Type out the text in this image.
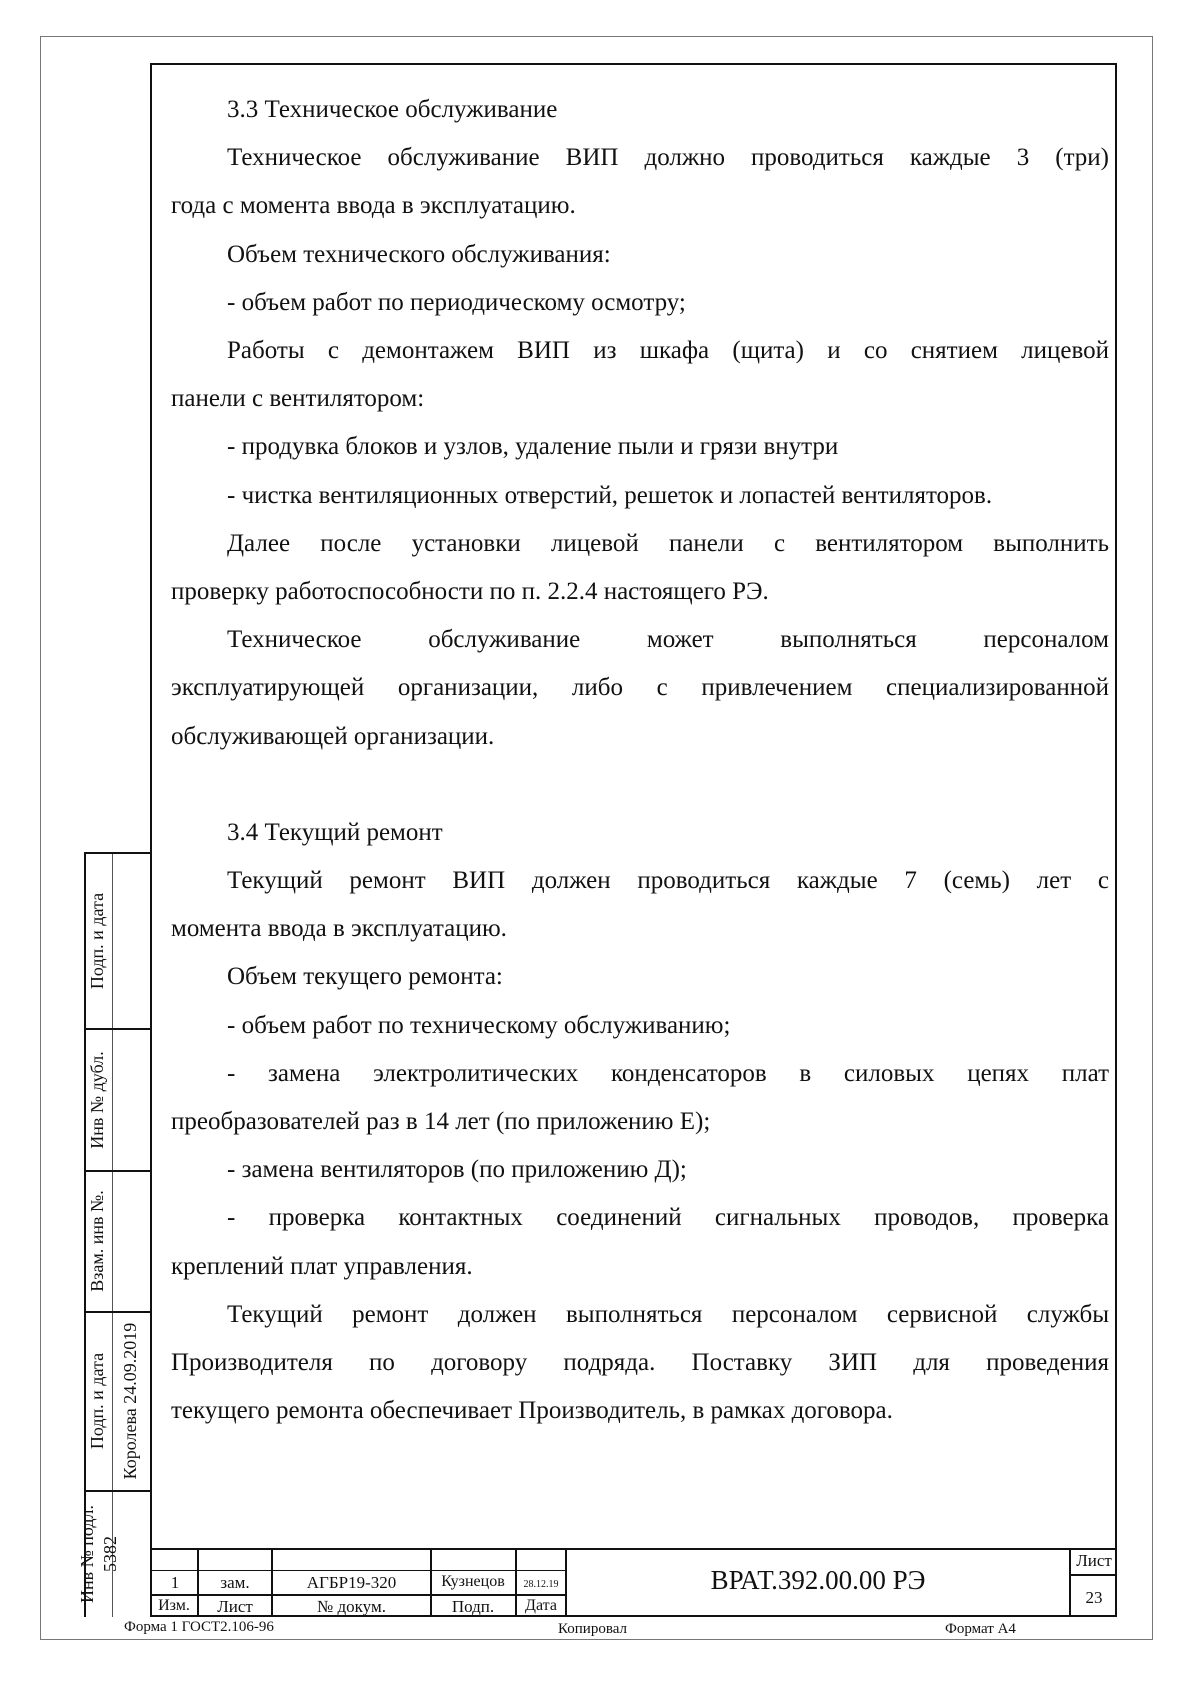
3.3 Техническое обслуживание

Техническое обслуживание ВИП должно проводиться каждые 3 (три)

года с момента ввода в эксплуатацию.

Объем технического обслуживания:

- объем работ по периодическому осмотру;

Работы с демонтажем ВИП из шкафа (щита) и со снятием лицевой

панели с вентилятором:

- продувка блоков и узлов, удаление пыли и грязи внутри

- чистка вентиляционных отверстий, решеток и лопастей вентиляторов.

Далее после установки лицевой панели с вентилятором выполнить

проверку работоспособности по п. 2.2.4 настоящего РЭ.

Техническое обслуживание может выполняться персоналом

эксплуатирующей организации, либо с привлечением специализированной

обслуживающей организации.

3.4 Текущий ремонт

Текущий ремонт ВИП должен проводиться каждые 7 (семь) лет с

момента ввода в эксплуатацию.

Объем текущего ремонта:

- объем работ по техническому обслуживанию;

- замена электролитических конденсаторов в силовых цепях плат

преобразователей раз в 14 лет (по приложению Е);

- замена вентиляторов (по приложению Д);

- проверка контактных соединений сигнальных проводов, проверка

креплений плат управления.

Текущий ремонт должен выполняться персоналом сервисной службы

Производителя по договору подряда. Поставку ЗИП для проведения

текущего ремонта обеспечивает Производитель, в рамках договора.

Подп. и дата
Инв № дубл.
Взам. инв №.
Подп. и дата Королева 24.09.2019
Инв № подл. 5382
1	зам.	АГБР19-320	Кузнецов	28.12.19
Изм.	Лист	№ докум.	Подп.	Дата
ВРАТ.392.00.00 РЭ
Лист
23
Форма 1 ГОСТ2.106-96	Копировал	Формат А4
